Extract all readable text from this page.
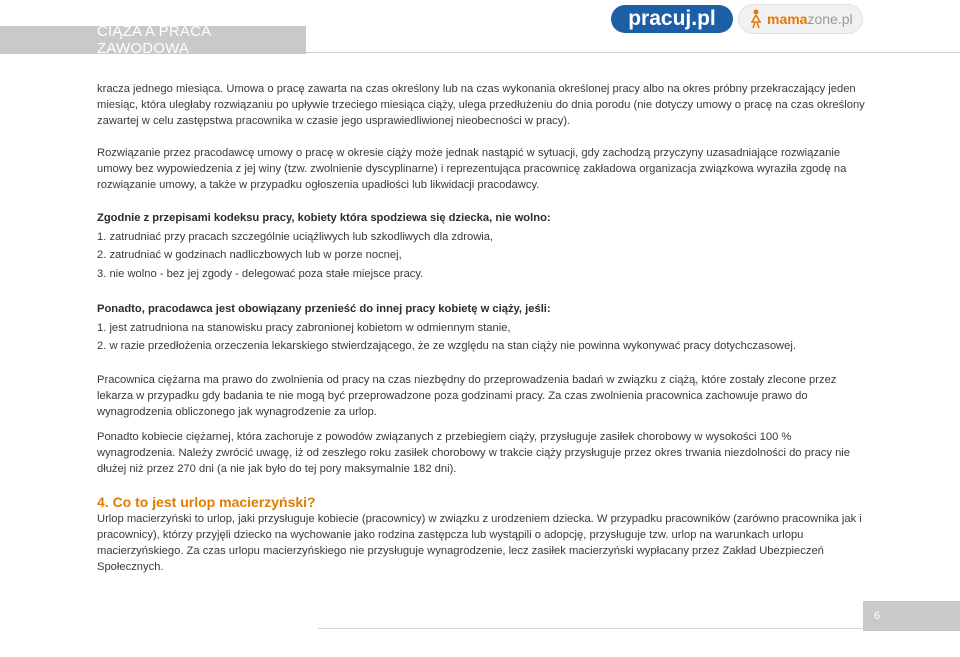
CIĄŻA A PRACA ZAWODOWA
pracuj.pl	mama zone.pl

kracza jednego miesiąca. Umowa o pracę zawarta na czas określony lub na czas wykonania określonej pracy albo na okres próbny przekraczający jeden miesiąc, która uległaby rozwiązaniu po upływie trzeciego miesiąca ciąży, ulega przedłużeniu do dnia porodu (nie dotyczy umowy o pracę na czas określony zawartej w celu zastępstwa pracownika w czasie jego usprawiedliwionej nieobecności w pracy).

Rozwiązanie przez pracodawcę umowy o pracę w okresie ciąży może jednak nastąpić w sytuacji, gdy zachodzą przyczyny uzasadniające rozwiązanie umowy bez wypowiedzenia z jej winy (tzw. zwolnienie dyscyplinarne) i reprezentująca pracownicę zakładowa organizacja związkowa wyraziła zgodę na rozwiązanie umowy, a także w przypadku ogłoszenia upadłości lub likwidacji pracodawcy.

Zgodnie z przepisami kodeksu pracy, kobiety która spodziewa się dziecka, nie wolno:

1. zatrudniać przy pracach szczególnie uciążliwych lub szkodliwych dla zdrowia,

2. zatrudniać w godzinach nadliczbowych lub w porze nocnej,

3. nie wolno - bez jej zgody - delegować poza stałe miejsce pracy.

Ponadto, pracodawca jest obowiązany przenieść do innej pracy kobietę w ciąży, jeśli:

1. jest zatrudniona na stanowisku pracy zabronionej kobietom w odmiennym stanie,

2. w razie przedłożenia orzeczenia lekarskiego stwierdzającego, że ze względu na stan ciąży nie powinna wykonywać pracy dotychczasowej.

Pracownica ciężarna ma prawo do zwolnienia od pracy na czas niezbędny do przeprowadzenia badań w związku z ciążą, które zostały zlecone przez lekarza w przypadku gdy badania te nie mogą być przeprowadzone poza godzinami pracy. Za czas zwolnienia pracownica zachowuje prawo do wynagrodzenia obliczonego jak wynagrodzenie za urlop.

Ponadto kobiecie ciężarnej, która zachoruje z powodów związanych z przebiegiem ciąży, przysługuje zasiłek chorobowy w wysokości 100 % wynagrodzenia. Należy zwrócić uwagę, iż od zeszłego roku zasiłek chorobowy w trakcie ciąży przysługuje przez okres trwania niezdolności do pracy nie dłużej niż przez 270 dni (a nie jak było do tej pory maksymalnie 182 dni).

4. Co to jest urlop macierzyński?

Urlop macierzyński to urlop, jaki przysługuje kobiecie (pracownicy) w związku z urodzeniem dziecka. W przypadku pracowników (zarówno pracownika jak i pracownicy), którzy przyjęli dziecko na wychowanie jako rodzina zastępcza lub wystąpili o adopcję, przysługuje tzw. urlop na warunkach urlopu macierzyńskiego. Za czas urlopu macierzyńskiego nie przysługuje wynagrodzenie, lecz zasiłek macierzyński wypłacany przez Zakład Ubezpieczeń Społecznych.

6
